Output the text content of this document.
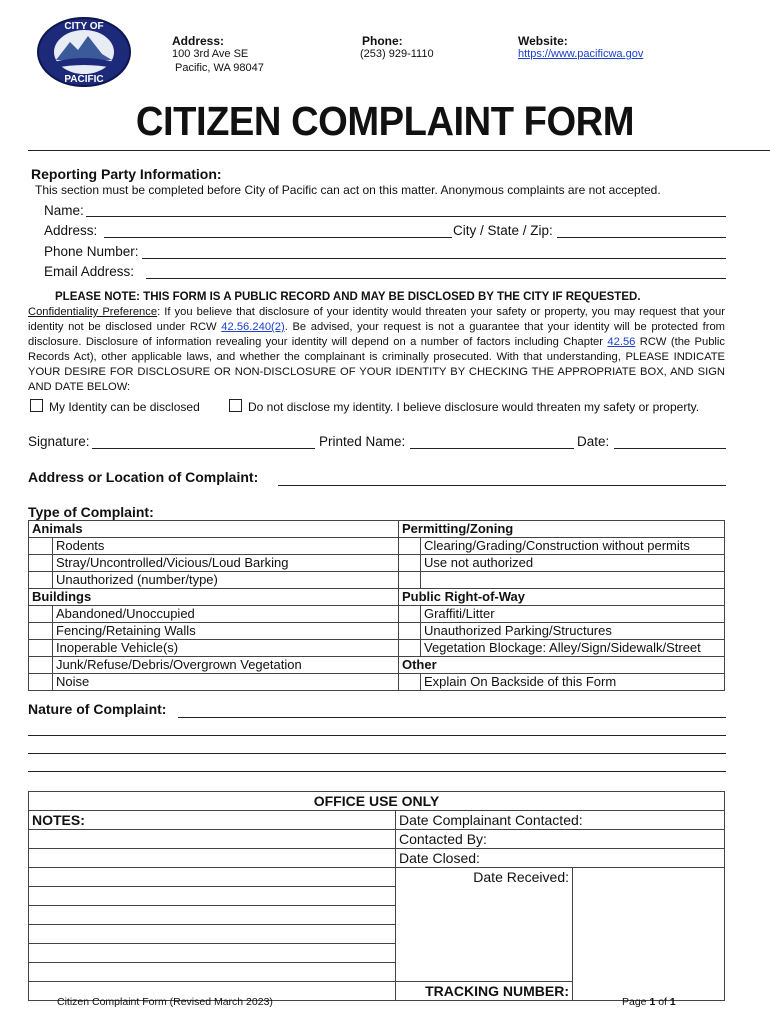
CITY OF
PACIFIC
Address:
100 3rd Ave SE
Pacific, WA 98047
Phone:
(253) 929-1110
Website:
https://www.pacificwa.gov
CITIZEN COMPLAINT FORM
Reporting Party Information:
This section must be completed before City of Pacific can act on this matter. Anonymous complaints are not accepted.
Name:
Address:	City / State / Zip:
Phone Number:
Email Address:
PLEASE NOTE: THIS FORM IS A PUBLIC RECORD AND MAY BE DISCLOSED BY THE CITY IF REQUESTED.
Confidentiality Preference: If you believe that disclosure of your identity would threaten your safety or property, you may request that your identity not be disclosed under RCW 42.56.240(2). Be advised, your request is not a guarantee that your identity will be protected from disclosure. Disclosure of information revealing your identity will depend on a number of factors including Chapter 42.56 RCW (the Public Records Act), other applicable laws, and whether the complainant is criminally prosecuted. With that understanding, PLEASE INDICATE YOUR DESIRE FOR DISCLOSURE OR NON-DISCLOSURE OF YOUR IDENTITY BY CHECKING THE APPROPRIATE BOX, AND SIGN AND DATE BELOW:
My Identity can be disclosed	Do not disclose my identity. I believe disclosure would threaten my safety or property.
Signature:	Printed Name:	Date:
Address or Location of Complaint:
Type of Complaint:
Animals		Permitting/Zoning	
	Rodents		Clearing/Grading/Construction without permits
	Stray/Uncontrolled/Vicious/Loud Barking		Use not authorized
	Unauthorized (number/type)		
Buildings		Public Right-of-Way	
	Abandoned/Unoccupied		Graffiti/Litter
	Fencing/Retaining Walls		Unauthorized Parking/Structures
	Inoperable Vehicle(s)		Vegetation Blockage: Alley/Sign/Sidewalk/Street
	Junk/Refuse/Debris/Overgrown Vegetation	Other	
	Noise		Explain On Backside of this Form
Nature of Complaint:
OFFICE USE ONLY		
NOTES:	Date Complainant Contacted:	
	Contacted By:	
	Date Closed:	
	Date Received:	

	TRACKING NUMBER:	
Citizen Complaint Form (Revised March 2023)	Page 1 of 1
